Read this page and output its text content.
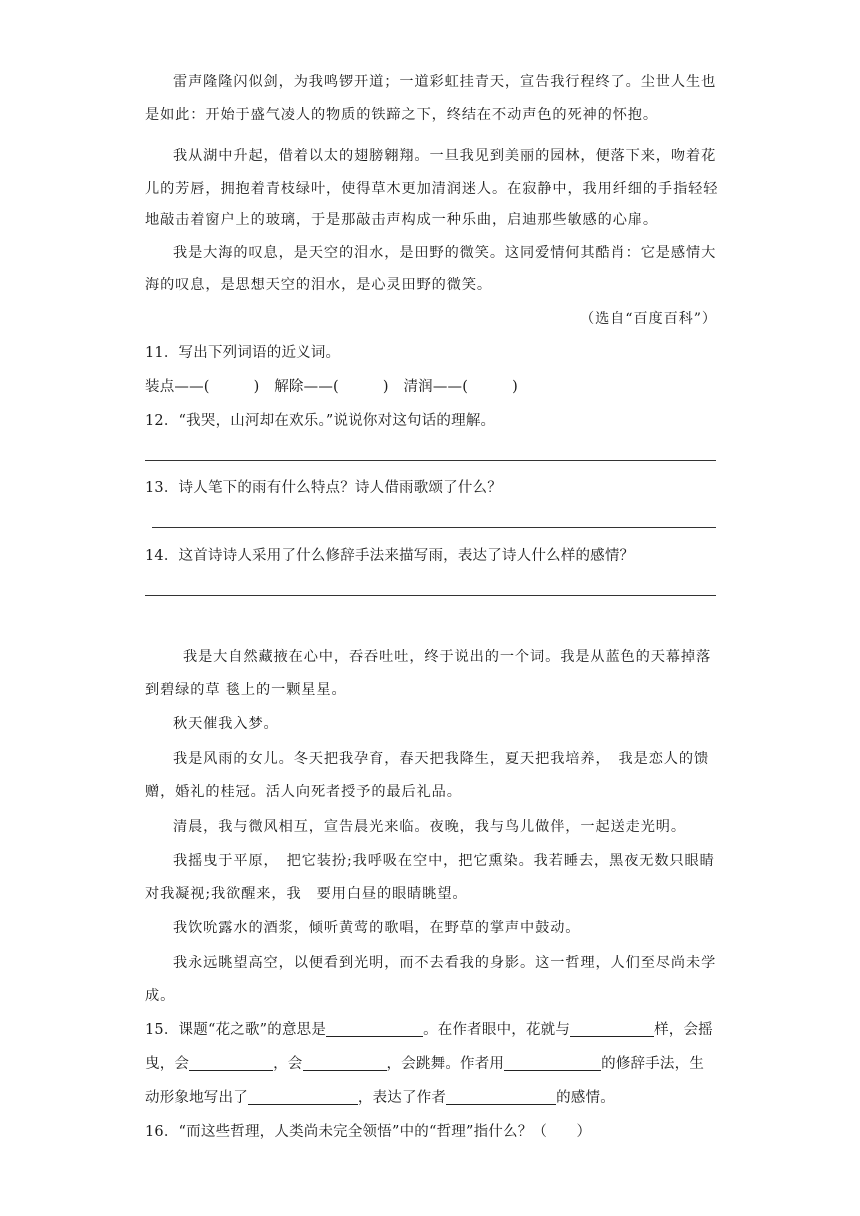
雷声隆隆闪似剑，为我鸣锣开道；一道彩虹挂青天，宣告我行程终了。尘世人生也
是如此：开始于盛气凌人的物质的铁蹄之下，终结在不动声色的死神的怀抱。
我从湖中升起，借着以太的翅膀翱翔。一旦我见到美丽的园林，便落下来，吻着花
儿的芳唇，拥抱着青枝绿叶，使得草木更加清润迷人。在寂静中，我用纤细的手指轻轻
地敲击着窗户上的玻璃，于是那敲击声构成一种乐曲，启迪那些敏感的心扉。
我是大海的叹息，是天空的泪水，是田野的微笑。这同爱情何其酷肖：它是感情大
海的叹息，是思想天空的泪水，是心灵田野的微笑。
（选自“百度百科”）
11．写出下列词语的近义词。
装点——(	)　解除——(	)　清润——(	)
12．“我哭，山河却在欢乐。”说说你对这句话的理解。
13．诗人笔下的雨有什么特点？诗人借雨歌颂了什么？
14．这首诗诗人采用了什么修辞手法来描写雨，表达了诗人什么样的感情？
我是大自然藏掖在心中，吞吞吐吐，终于说出的一个词。我是从蓝色的天幕掉落
到碧绿的草 毯上的一颗星星。
秋天催我入梦。
我是风雨的女儿。冬天把我孕育，春天把我降生，夏天把我培养，　我是恋人的馈
赠，婚礼的桂冠。活人向死者授予的最后礼品。
清晨，我与微风相互，宣告晨光来临。夜晚，我与鸟儿做伴，一起送走光明。
我摇曳于平原，　把它装扮;我呼吸在空中，把它熏染。我若睡去，黑夜无数只眼睛
对我凝视;我欲醒来，我　要用白昼的眼睛眺望。
我饮吮露水的酒浆，倾听黄莺的歌唱，在野草的掌声中鼓动。
我永远眺望高空，以便看到光明，而不去看我的身影。这一哲理，人们至尽尚未学
成。
15．课题“花之歌”的意思是	。在作者眼中，花就与	样，会摇
曳，会	，会	，会跳舞。作者用	的修辞手法，生
动形象地写出了	，表达了作者	的感情。
16．“而这些哲理，人类尚未完全领悟”中的“哲理”指什么？（　　）
